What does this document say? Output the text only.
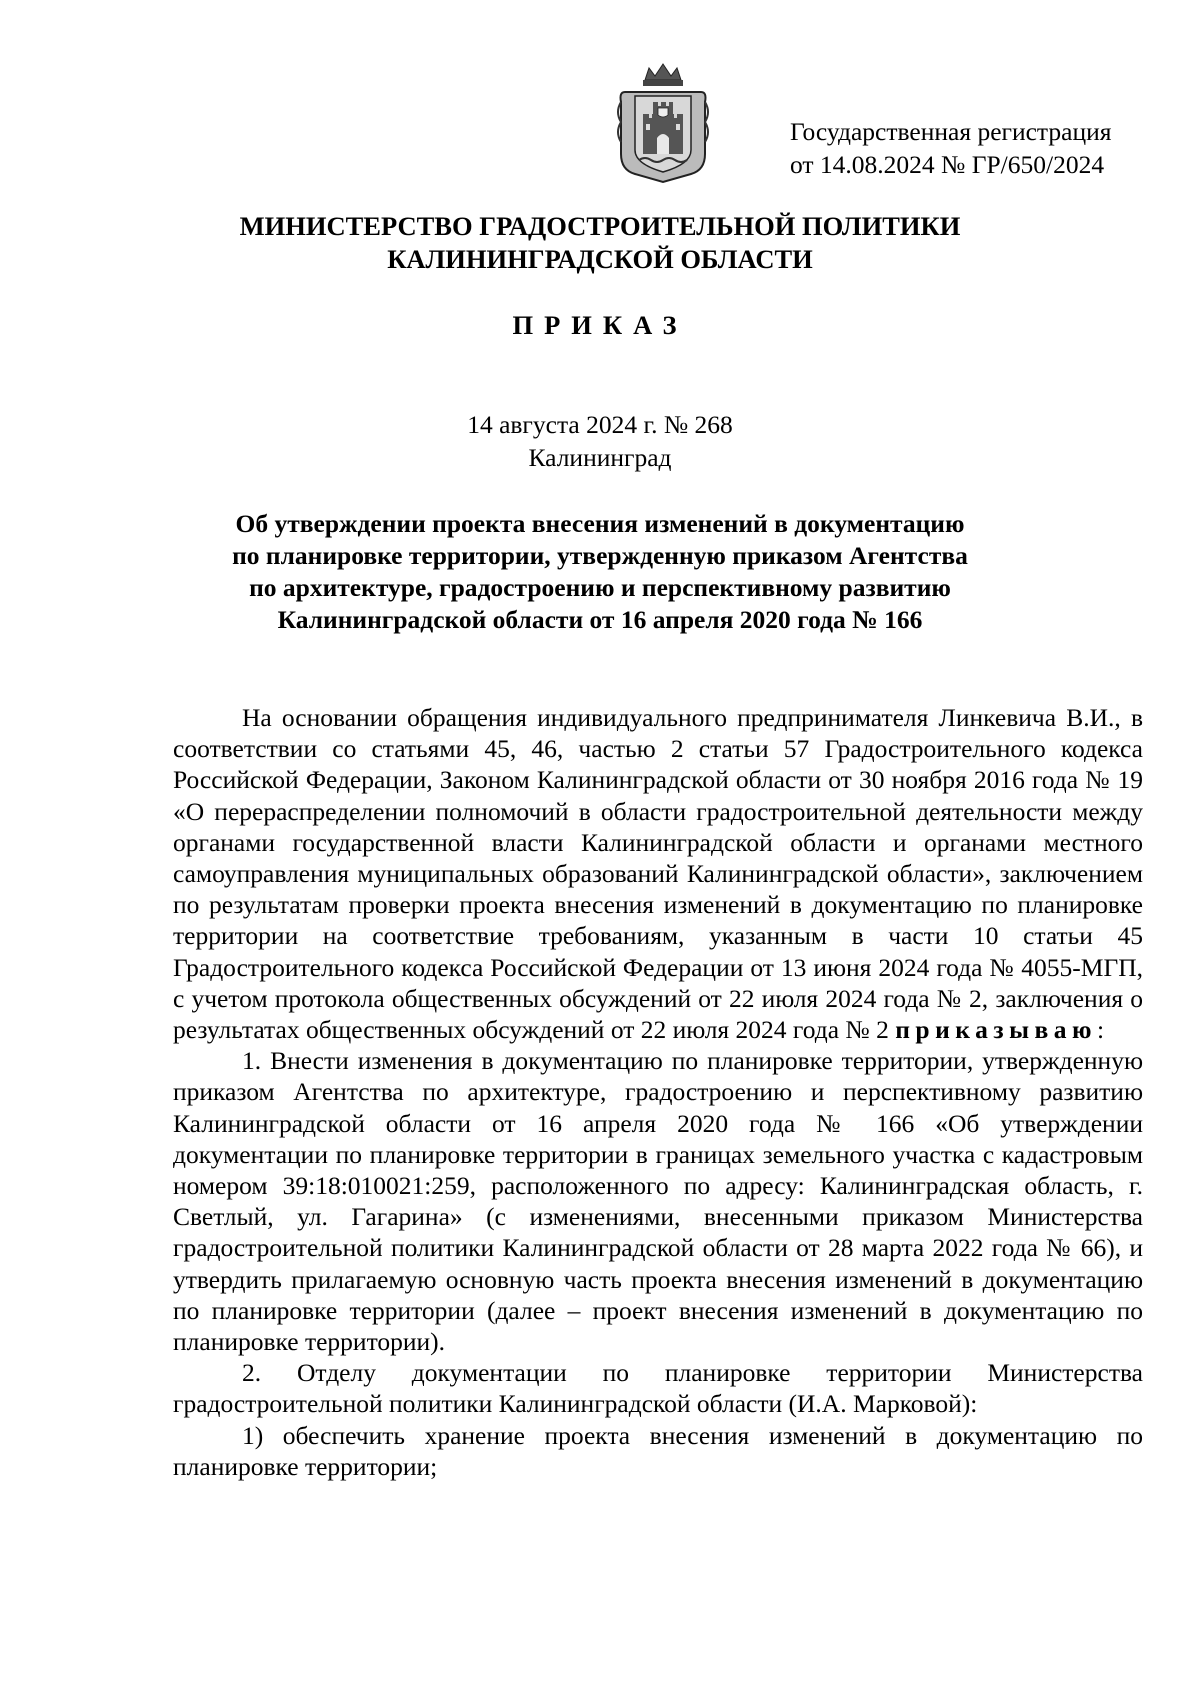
Государственная регистрация
от 14.08.2024 № ГР/650/2024
МИНИСТЕРСТВО ГРАДОСТРОИТЕЛЬНОЙ ПОЛИТИКИ
КАЛИНИНГРАДСКОЙ ОБЛАСТИ
ПРИКАЗ
14 августа 2024 г. № 268
Калининград
Об утверждении проекта внесения изменений в документацию
по планировке территории, утвержденную приказом Агентства
по архитектуре, градостроению и перспективному развитию
Калининградской области от 16 апреля 2020 года № 166

На основании обращения индивидуального предпринимателя Линкевича В.И., в соответствии со статьями 45, 46, частью 2 статьи 57 Градостроительного кодекса Российской Федерации, Законом Калининградской области от 30 ноября 2016 года № 19 «О перераспределении полномочий в области градостроительной деятельности между органами государственной власти Калининградской области и органами местного самоуправления муниципальных образований Калининградской области», заключением по результатам проверки проекта внесения изменений в документацию по планировке территории на соответствие требованиям, указанным в части 10 статьи 45 Градостроительного кодекса Российской Федерации от 13 июня 2024 года № 4055-МГП, с учетом протокола общественных обсуждений от 22 июля 2024 года № 2, заключения о результатах общественных обсуждений от 22 июля 2024 года № 2 приказываю:

1. Внести изменения в документацию по планировке территории, утвержденную приказом Агентства по архитектуре, градостроению и перспективному развитию Калининградской области от 16 апреля 2020 года № 166 «Об утверждении документации по планировке территории в границах земельного участка с кадастровым номером 39:18:010021:259, расположенного по адресу: Калининградская область, г. Светлый, ул. Гагарина» (с изменениями, внесенными приказом Министерства градостроительной политики Калининградской области от 28 марта 2022 года № 66), и утвердить прилагаемую основную часть проекта внесения изменений в документацию по планировке территории (далее – проект внесения изменений в документацию по планировке территории).

2. Отделу документации по планировке территории Министерства градостроительной политики Калининградской области (И.А. Марковой):

1) обеспечить хранение проекта внесения изменений в документацию по планировке территории;
